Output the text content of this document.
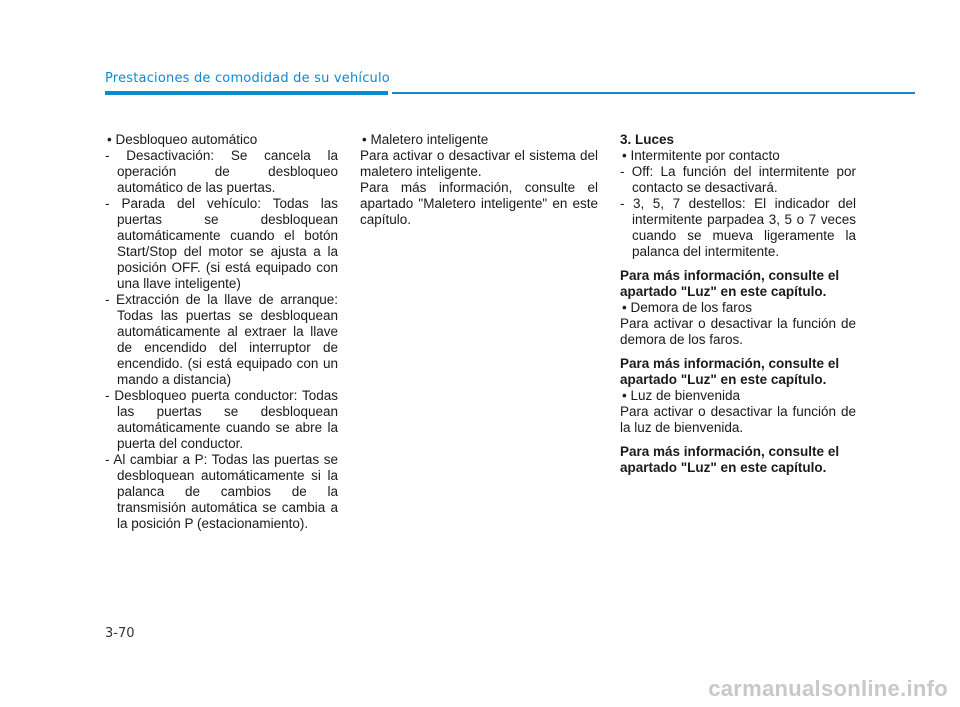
Prestaciones de comodidad de su vehículo

• Desbloqueo automático

- Desactivación: Se cancela la operación de desbloqueo automático de las puertas.

- Parada del vehículo: Todas las puertas se desbloquean automáticamente cuando el botón Start/Stop del motor se ajusta a la posición OFF. (si está equipado con una llave inteligente)

- Extracción de la llave de arranque: Todas las puertas se desbloquean automáticamente al extraer la llave de encendido del interruptor de encendido. (si está equipado con un mando a distancia)

- Desbloqueo puerta conductor: Todas las puertas se desbloquean automáticamente cuando se abre la puerta del conductor.

- Al cambiar a P: Todas las puertas se desbloquean automáticamente si la palanca de cambios de la transmisión automática se cambia a la posición P (estacionamiento).

• Maletero inteligente

Para activar o desactivar el sistema del maletero inteligente.

Para más información, consulte el apartado "Maletero inteligente" en este capítulo.

3. Luces

• Intermitente por contacto

- Off: La función del intermitente por contacto se desactivará.

- 3, 5, 7 destellos: El indicador del intermitente parpadea 3, 5 o 7 veces cuando se mueva ligeramente la palanca del intermitente.

Para más información, consulte el apartado "Luz" en este capítulo.

• Demora de los faros

Para activar o desactivar la función de demora de los faros.

Para más información, consulte el apartado "Luz" en este capítulo.

• Luz de bienvenida

Para activar o desactivar la función de la luz de bienvenida.

Para más información, consulte el apartado "Luz" en este capítulo.

3-70
carmanualsonline.info
